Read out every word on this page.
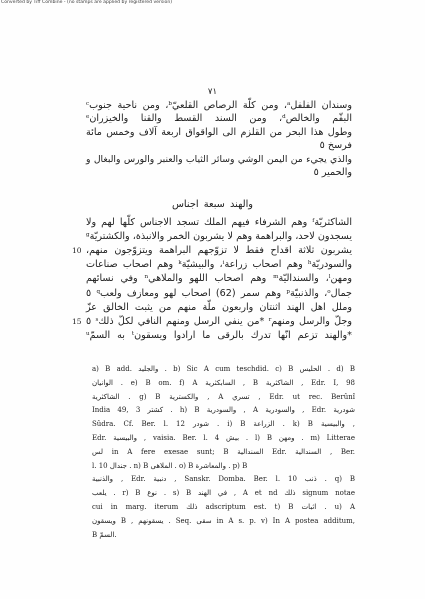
Converted by Tiff Combine - (no stamps are applied by registered version)
٧١
وسندان الفلفل$^a$، ومن كلّة الرصاص القلعيّ$^b$، ومن ناحية جنوب$^c$
البقّم والخالص$^d$، ومن السند القسط والقنا والخيزران$^e$
وطول هذا البحر من القلزم الى الواقواق اربعة آلاف وخمس مائة
فرسخ ٥
والذي يجيء من اليمن الوشي وسائر الثياب والعنبر والورس والبغال و
والحمير ٥
والهند سبعة اجناس
الشاكثريّة$^f$ وهم الشرفاء فيهم الملك تسجد الاجناس كلّها لهم ولا
يسجدون لاحد، والبراهمة وهم لا يشربون الخمر والانبذة، والكشتريّة$^g$
يشربون ثلاثة اقداح فقط لا تزوّجهم البراهمة ويتزوّجون منهم،
والسودريّة$^h$ وهم اصحاب زراعة$^i$، والبيشيّة$^k$ وهم اصحاب صناعات
ومهن$^l$، والسنداليّة$^m$ وهم اصحاب اللهو والملاهي$^n$ وفي نسائهم
جمال$^o$، والذنبيّة$^p$ وهم سمر (62) اصحاب لهو ومعازف ولعب$^q$ ٥
وملل اهل الهند اثنتان واربعون ملّة منهم من يثبت الخالق عزّ
وجلّ والرسل ومنهم$^r$ *من ينفي الرسل ومنهم النافي لكلّ ذلك$^s$ ٥
*والهند تزعم انّها تدرك بالرقى ما ارادوا ويسقون$^t$ به السمّ$^u$
10
15
a) B add. والجليد . b) Sic A cum teschdid. c) B الحليس . d) B
الوانيان . e) B om. f) A السابكثرية , B الشاكثرية , Edr. I, 98
الشاكثرية . g) B والكسترية , A تسري , Edr. ut rec. Berûnî
India 49, 3 كشتر . h) B والسودرية , A والسودرية , Edr. شودرية
Sûdra. Cf. Ber. l. 12 شودر . i) B الزراعة . k) B والبيسية ,
Edr. والبيسية , vaisia. Ber. l. 4 بيش . l) B ومهن . m) Litterae
لس in A fere exesae sunt; B السندالية Edr. السندالية , Ber.
l. 10 جندال . n) B الملاهى . o) B والمعاشرة . p) B
والذنبية , Edr. دنبية , Sanskr. Domba. Ber. l. 10 ذنب . q) B
يلعب . r) B نوع . s) B في الهند , A et nd ذلك signum notae
cui in marg. iterum ذلك adscriptum est. t) B اثبات . u) A
ويسقون B , يسقونهم . Seq. سقى in A s. p. v) In A postea additum,
B السمّ.
